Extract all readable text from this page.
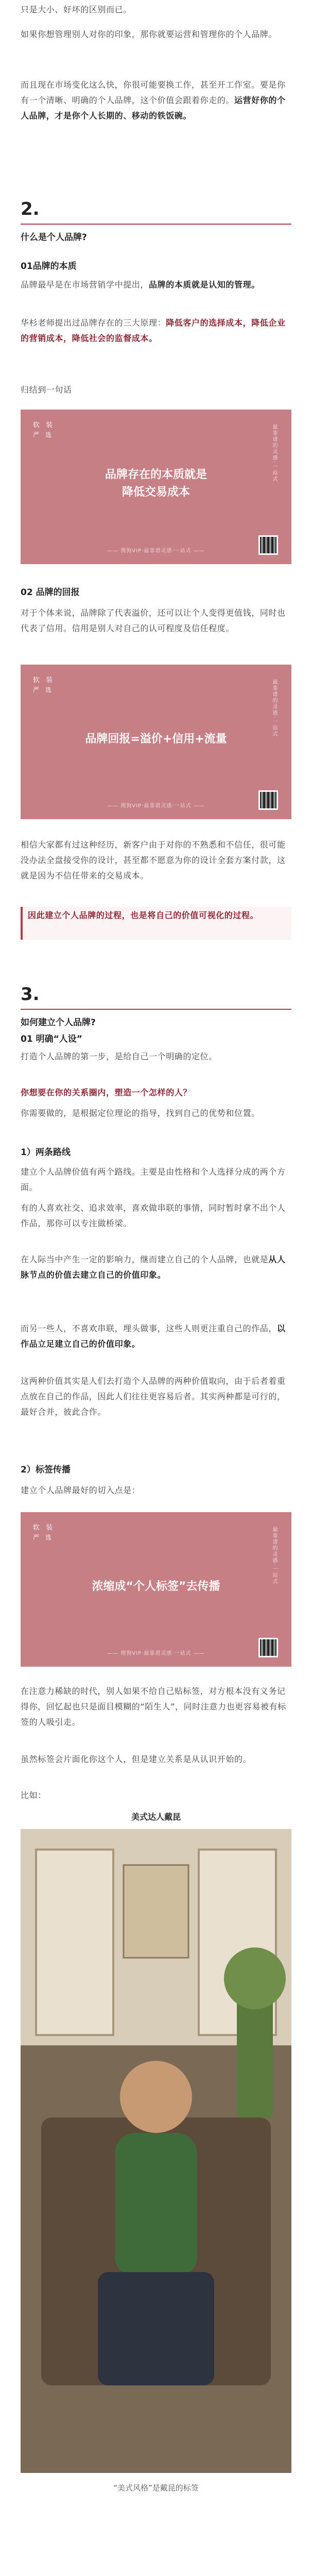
只是大小、好坏的区别而已。

如果你想管理别人对你的印象，那你就要运营和管理你的个人品牌。

而且现在市场变化这么快，你很可能要换工作，甚至开工作室。要是你有一个清晰、明确的个人品牌，这个价值会跟着你走的。运营好你的个人品牌，才是你个人长期的、移动的铁饭碗。

2.
什么是个人品牌?
01品牌的本质

品牌最早是在市场营销学中提出，品牌的本质就是认知的管理。

华杉老师提出过品牌存在的三大原理：降低客户的选择成本，降低企业的营销成本，降低社会的监督成本。

归结到一句话

软 装
严 选
品牌存在的本质就是
降低交易成本
最靠谱的灵感·一站式
—— 搜狗VIP·最靠谱灵感·一站式 ——
02 品牌的回报

对于个体来说，品牌除了代表溢价，还可以让个人变得更值钱，同时也代表了信用。信用是别人对自己的认可程度及信任程度。

软 装
严 选
品牌回报=溢价+信用+流量
最靠谱的灵感·一站式
—— 搜狗VIP·最靠谱灵感·一站式 ——

相信大家都有过这种经历，新客户由于对你的不熟悉和不信任，很可能没办法全盘接受你的设计，甚至都不愿意为你的设计全套方案付款，这就是因为不信任带来的交易成本。

因此建立个人品牌的过程，也是将自己的价值可视化的过程。

3.
如何建立个人品牌?
01 明确“人设”

打造个人品牌的第一步，是给自己一个明确的定位。

你想要在你的关系圈内，塑造一个怎样的人？

你需要做的，是根据定位理论的指导，找到自己的优势和位置。

1）两条路线

建立个人品牌价值有两个路线。主要是由性格和个人选择分成的两个方面。

有的人喜欢社交、追求效率，喜欢做串联的事情，同时暂时拿不出个人作品，那你可以专注做桥梁。

在人际当中产生一定的影响力，继而建立自己的个人品牌，也就是从人脉节点的价值去建立自己的价值印象。

而另一些人，不喜欢串联，埋头做事，这些人则更注重自己的作品，以作品立足建立自己的价值印象。

这两种价值其实是人们去打造个人品牌的两种价值取向，由于后者着重点放在自己的作品，因此人们往往更容易后者。其实两种都是可行的，最好合并，彼此合作。

2）标签传播

建立个人品牌最好的切入点是：

软 装
严 选
浓缩成“个人标签”去传播
最靠谱的灵感·一站式
—— 搜狗VIP·最靠谱灵感·一站式 ——

在注意力稀缺的时代，别人如果不给自己贴标签，对方根本没有义务记得你，回忆起也只是面目模糊的“陌生人”，同时注意力也更容易被有标签的人吸引走。

虽然标签会片面化你这个人，但是建立关系是从认识开始的。

比如：

美式达人戴昆
“美式风格”是戴昆的标签
